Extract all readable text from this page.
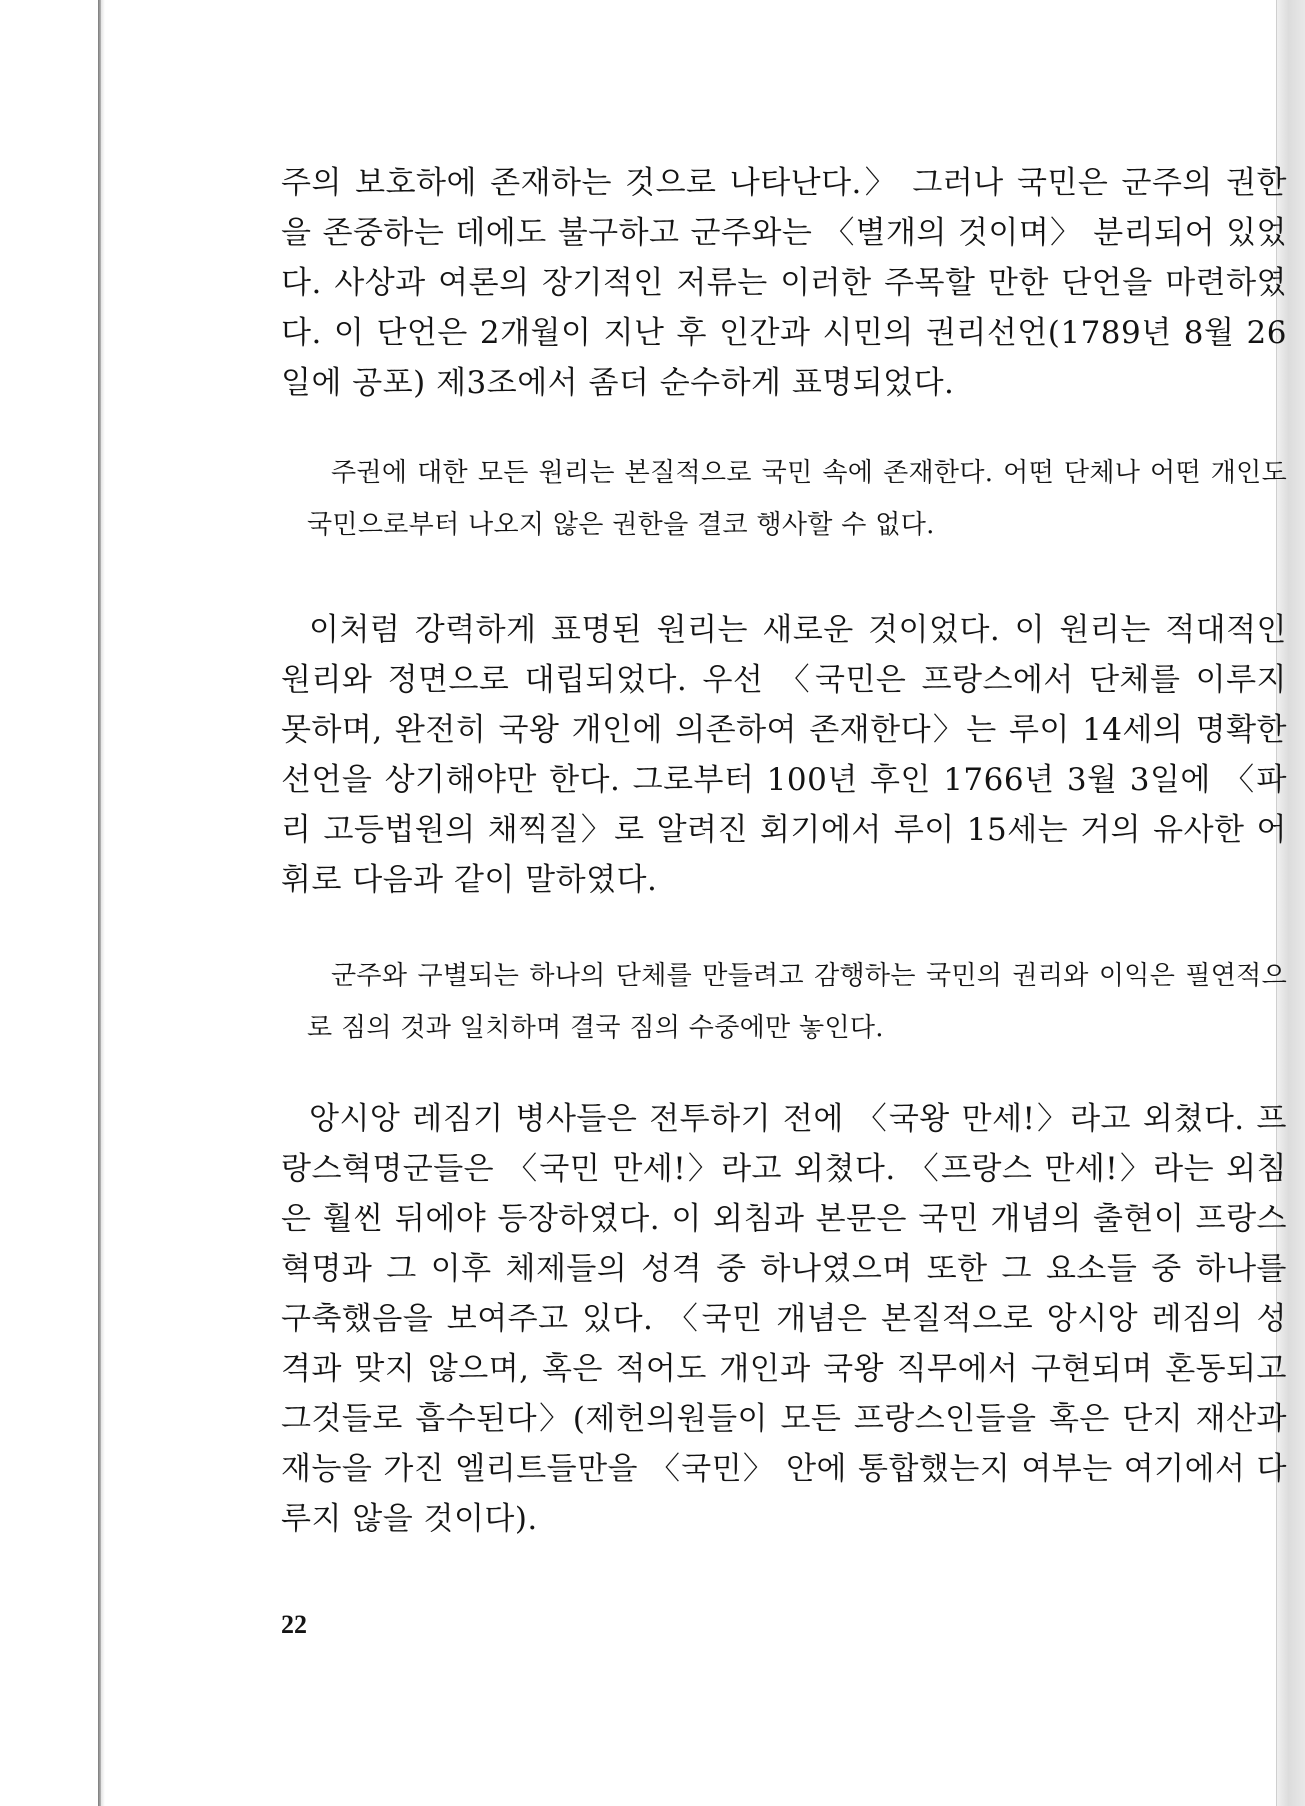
주의 보호하에 존재하는 것으로 나타난다.〉 그러나 국민은 군주의 권한을 존중하는 데에도 불구하고 군주와는 〈별개의 것이며〉 분리되어 있었다. 사상과 여론의 장기적인 저류는 이러한 주목할 만한 단언을 마련하였다. 이 단언은 2개월이 지난 후 인간과 시민의 권리선언(1789년 8월 26일에 공포) 제3조에서 좀더 순수하게 표명되었다.

주권에 대한 모든 원리는 본질적으로 국민 속에 존재한다. 어떤 단체나 어떤 개인도 국민으로부터 나오지 않은 권한을 결코 행사할 수 없다.

이처럼 강력하게 표명된 원리는 새로운 것이었다. 이 원리는 적대적인 원리와 정면으로 대립되었다. 우선 〈국민은 프랑스에서 단체를 이루지 못하며, 완전히 국왕 개인에 의존하여 존재한다〉는 루이 14세의 명확한 선언을 상기해야만 한다. 그로부터 100년 후인 1766년 3월 3일에 〈파리 고등법원의 채찍질〉로 알려진 회기에서 루이 15세는 거의 유사한 어휘로 다음과 같이 말하였다.

군주와 구별되는 하나의 단체를 만들려고 감행하는 국민의 권리와 이익은 필연적으로 짐의 것과 일치하며 결국 짐의 수중에만 놓인다.

앙시앙 레짐기 병사들은 전투하기 전에 〈국왕 만세!〉라고 외쳤다. 프랑스혁명군들은 〈국민 만세!〉라고 외쳤다. 〈프랑스 만세!〉라는 외침은 훨씬 뒤에야 등장하였다. 이 외침과 본문은 국민 개념의 출현이 프랑스혁명과 그 이후 체제들의 성격 중 하나였으며 또한 그 요소들 중 하나를 구축했음을 보여주고 있다. 〈국민 개념은 본질적으로 앙시앙 레짐의 성격과 맞지 않으며, 혹은 적어도 개인과 국왕 직무에서 구현되며 혼동되고 그것들로 흡수된다〉(제헌의원들이 모든 프랑스인들을 혹은 단지 재산과 재능을 가진 엘리트들만을 〈국민〉 안에 통합했는지 여부는 여기에서 다루지 않을 것이다).

22
